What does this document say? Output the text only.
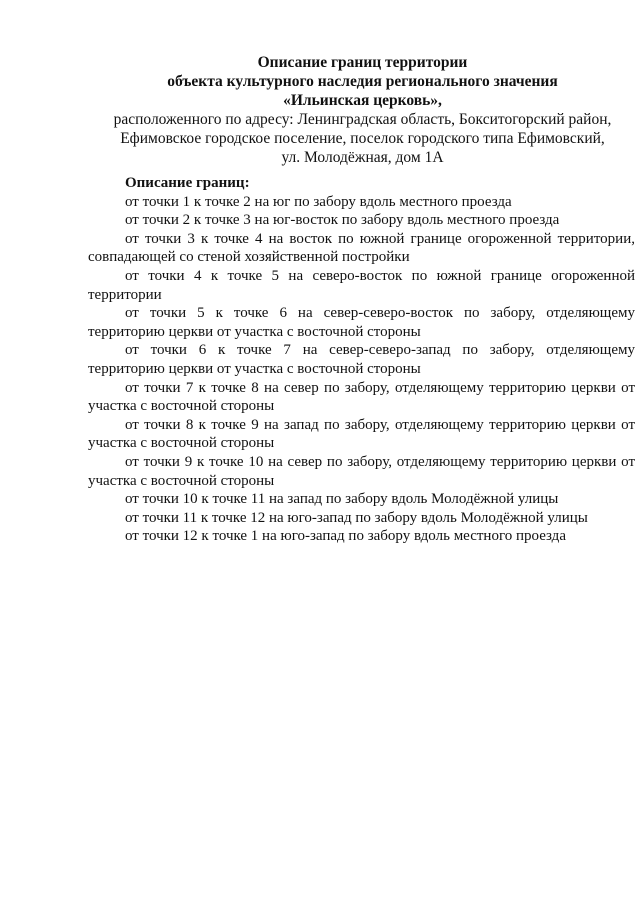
Описание границ территории
объекта культурного наследия регионального значения
«Ильинская церковь»,
расположенного по адресу: Ленинградская область, Бокситогорский район,
Ефимовское городское поселение, поселок городского типа Ефимовский,
ул. Молодёжная, дом 1А
Описание границ:

от точки 1 к точке 2 на юг по забору вдоль местного проезда

от точки 2 к точке 3 на юг-восток по забору вдоль местного проезда

от точки 3 к точке 4 на восток по южной границе огороженной территории, совпадающей со стеной хозяйственной постройки

от точки 4 к точке 5 на северо-восток по южной границе огороженной территории

от точки 5 к точке 6 на север-северо-восток по забору, отделяющему территорию церкви от участка с восточной стороны

от точки 6 к точке 7 на север-северо-запад по забору, отделяющему территорию церкви от участка с восточной стороны

от точки 7 к точке 8 на север по забору, отделяющему территорию церкви от участка с восточной стороны

от точки 8 к точке 9 на запад по забору, отделяющему территорию церкви от участка с восточной стороны

от точки 9 к точке 10 на север по забору, отделяющему территорию церкви от участка с восточной стороны

от точки 10 к точке 11 на запад по забору вдоль Молодёжной улицы

от точки 11 к точке 12 на юго-запад по забору вдоль Молодёжной улицы

от точки 12 к точке 1 на юго-запад по забору вдоль местного проезда
